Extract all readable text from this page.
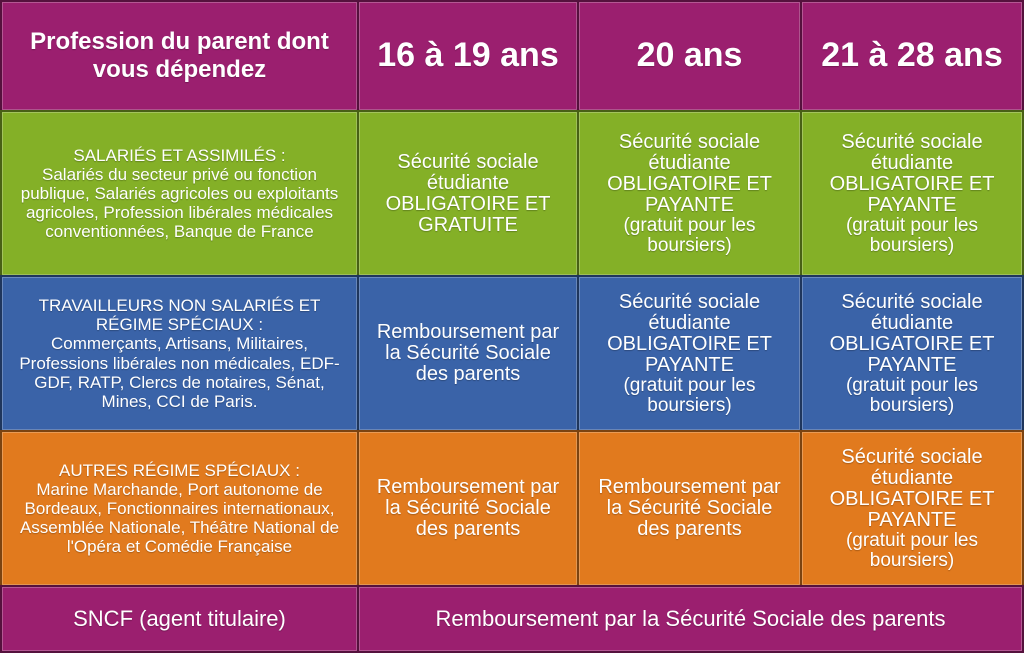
Profession du parent dont vous dépendez	16 à 19 ans 20 ans 21 à 28 ans
SALARIÉS ET ASSIMILÉS :
Salariés du secteur privé ou fonction publique, Salariés agricoles ou exploitants agricoles, Profession libérales médicales conventionnées, Banque de France
Sécurité sociale
étudiante
OBLIGATOIRE ET
GRATUITE
Sécurité sociale
étudiante
OBLIGATOIRE ET
PAYANTE
(gratuit pour les
boursiers)
Sécurité sociale
étudiante
OBLIGATOIRE ET
PAYANTE
(gratuit pour les
boursiers)
TRAVAILLEURS NON SALARIÉS ET RÉGIME SPÉCIAUX :
Commerçants, Artisans, Militaires, Professions libérales non médicales, EDF-GDF, RATP, Clercs de notaires, Sénat, Mines, CCI de Paris.
Remboursement par
la Sécurité Sociale
des parents
Sécurité sociale
étudiante
OBLIGATOIRE ET
PAYANTE
(gratuit pour les
boursiers)
Sécurité sociale
étudiante
OBLIGATOIRE ET
PAYANTE
(gratuit pour les
boursiers)
AUTRES RÉGIME SPÉCIAUX :
Marine Marchande, Port autonome de Bordeaux, Fonctionnaires internationaux, Assemblée Nationale, Théâtre National de l'Opéra et Comédie Française
Remboursement par
la Sécurité Sociale
des parents
Remboursement par
la Sécurité Sociale
des parents
Sécurité sociale
étudiante
OBLIGATOIRE ET
PAYANTE
(gratuit pour les
boursiers)
SNCF (agent titulaire)	Remboursement par la Sécurité Sociale des parents
